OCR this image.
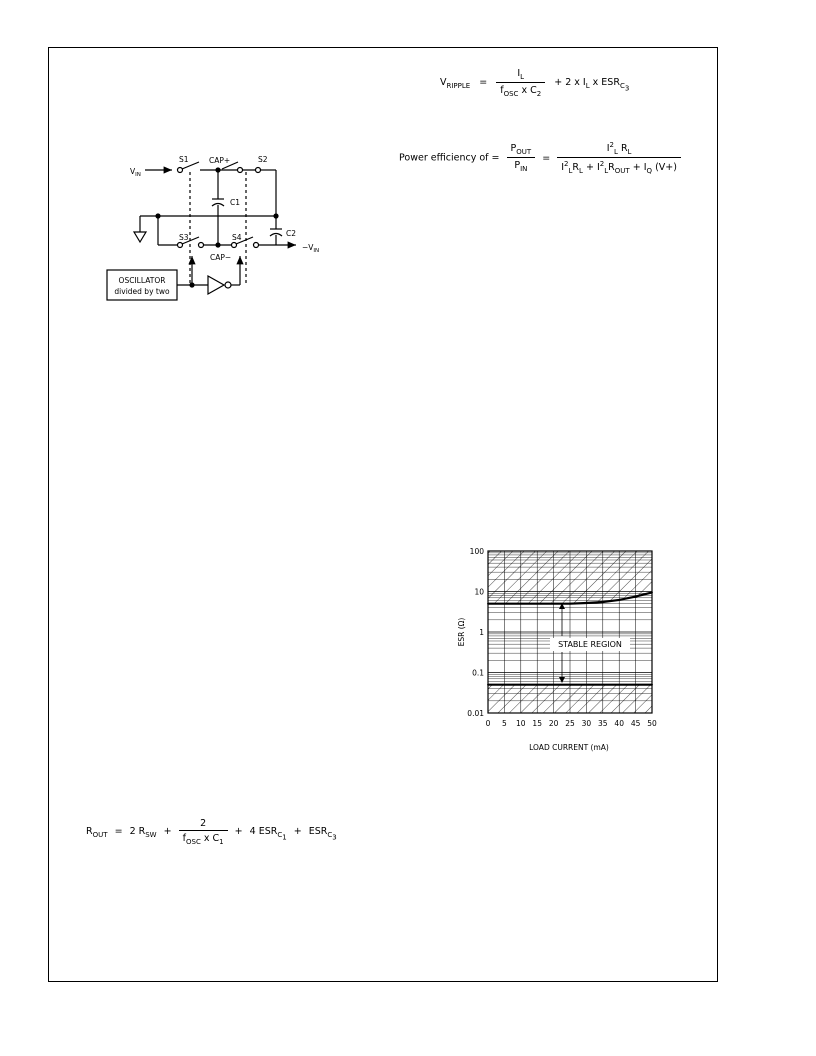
$V_{RIPPLE} = \frac{I_L}{f_{OSC} x C_2} + 2$ x $I_L$ x $ESR_{C_3}$
Power efficiency of = $\frac{P_{OUT}}{P_{IN}} = \frac{I^2_L R_L}{I^2_LR_L + I^2_LR_{OUT} + I_Q (V+)}$
$R_{OUT} = 2$ $R_{SW} + \frac{2}{f_{OSC} x C_1} + 4$ $ESR_{C_1} + ESR_{C_3}$
$V_{IN}$
S1	CAP+	S2
C1
C2
S3	S4
CAP−
$-V_{IN}$
OSCILLATOR
divided by two
0 5 10 15 20 25 30 35 40 45 50
0.01
0.1
1
10
100
STABLE REGION
LOAD CURRENT (mA)
ESR (Ω)
